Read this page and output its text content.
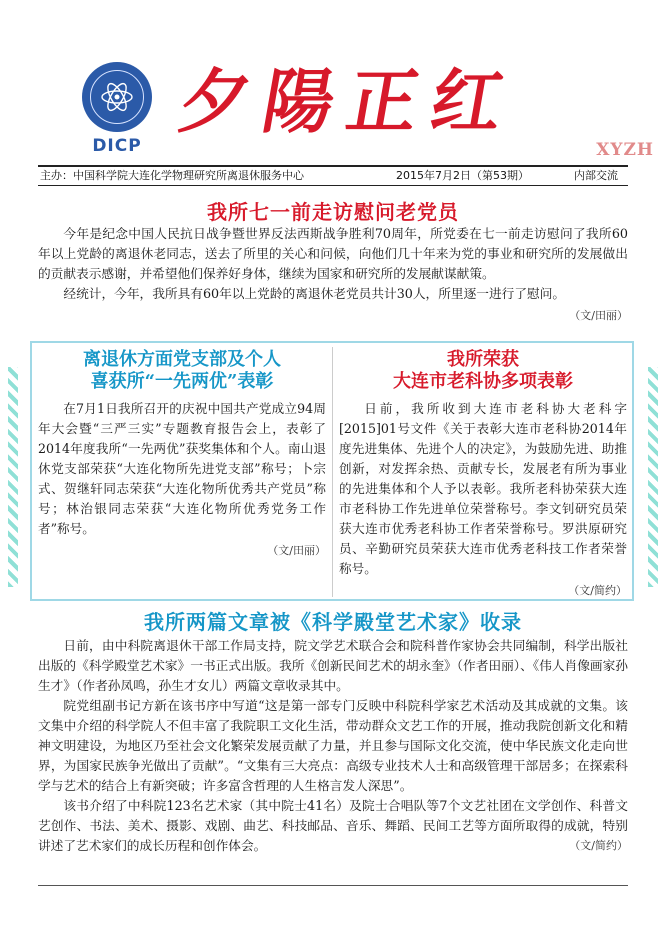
DICP
夕陽正红
XYZH
主办：中国科学院大连化学物理研究所离退休服务中心	2015年7月2日（第53期）	内部交流
我所七一前走访慰问老党员

今年是纪念中国人民抗日战争暨世界反法西斯战争胜利70周年，所党委在七一前走访慰问了我所60年以上党龄的离退休老同志，送去了所里的关心和问候，向他们几十年来为党的事业和研究所的发展做出的贡献表示感谢，并希望他们保养好身体，继续为国家和研究所的发展献谋献策。

经统计，今年，我所具有60年以上党龄的离退休老党员共计30人，所里逐一进行了慰问。

（文/田丽）
离退休方面党支部及个人
喜获所“一先两优”表彰

在7月1日我所召开的庆祝中国共产党成立94周年大会暨“三严三实”专题教育报告会上，表彰了2014年度我所“一先两优”获奖集体和个人。南山退休党支部荣获“大连化物所先进党支部”称号；卜宗式、贺继轩同志荣获“大连化物所优秀共产党员”称号；林治银同志荣获“大连化物所优秀党务工作者”称号。

（文/田丽）
我所荣获
大连市老科协多项表彰

日前，我所收到大连市老科协大老科字[2015]01号文件《关于表彰大连市老科协2014年度先进集体、先进个人的决定》，为鼓励先进、助推创新，对发挥余热、贡献专长，发展老有所为事业的先进集体和个人予以表彰。我所老科协荣获大连市老科协工作先进单位荣誉称号。李文钊研究员荣获大连市优秀老科协工作者荣誉称号。罗洪原研究员、辛勤研究员荣获大连市优秀老科技工作者荣誉称号。

（文/简约）
我所两篇文章被《科学殿堂艺术家》收录

日前，由中科院离退休干部工作局支持，院文学艺术联合会和院科普作家协会共同编制，科学出版社出版的《科学殿堂艺术家》一书正式出版。我所《创新民间艺术的胡永奎》（作者田丽）、《伟人肖像画家孙生才》（作者孙凤鸣，孙生才女儿）两篇文章收录其中。

院党组副书记方新在该书序中写道“这是第一部专门反映中科院科学家艺术活动及其成就的文集。该文集中介绍的科学院人不但丰富了我院职工文化生活，带动群众文艺工作的开展，推动我院创新文化和精神文明建设，为地区乃至社会文化繁荣发展贡献了力量，并且参与国际文化交流，使中华民族文化走向世界，为国家民族争光做出了贡献”。“文集有三大亮点：高级专业技术人士和高级管理干部居多；在探索科学与艺术的结合上有新突破；许多富含哲理的人生格言发人深思”。

该书介绍了中科院123名艺术家（其中院士41名）及院士合唱队等7个文艺社团在文学创作、科普文艺创作、书法、美术、摄影、戏剧、曲艺、科技邮品、音乐、舞蹈、民间工艺等方面所取得的成就，特别讲述了艺术家们的成长历程和创作体会。	（文/简约）
